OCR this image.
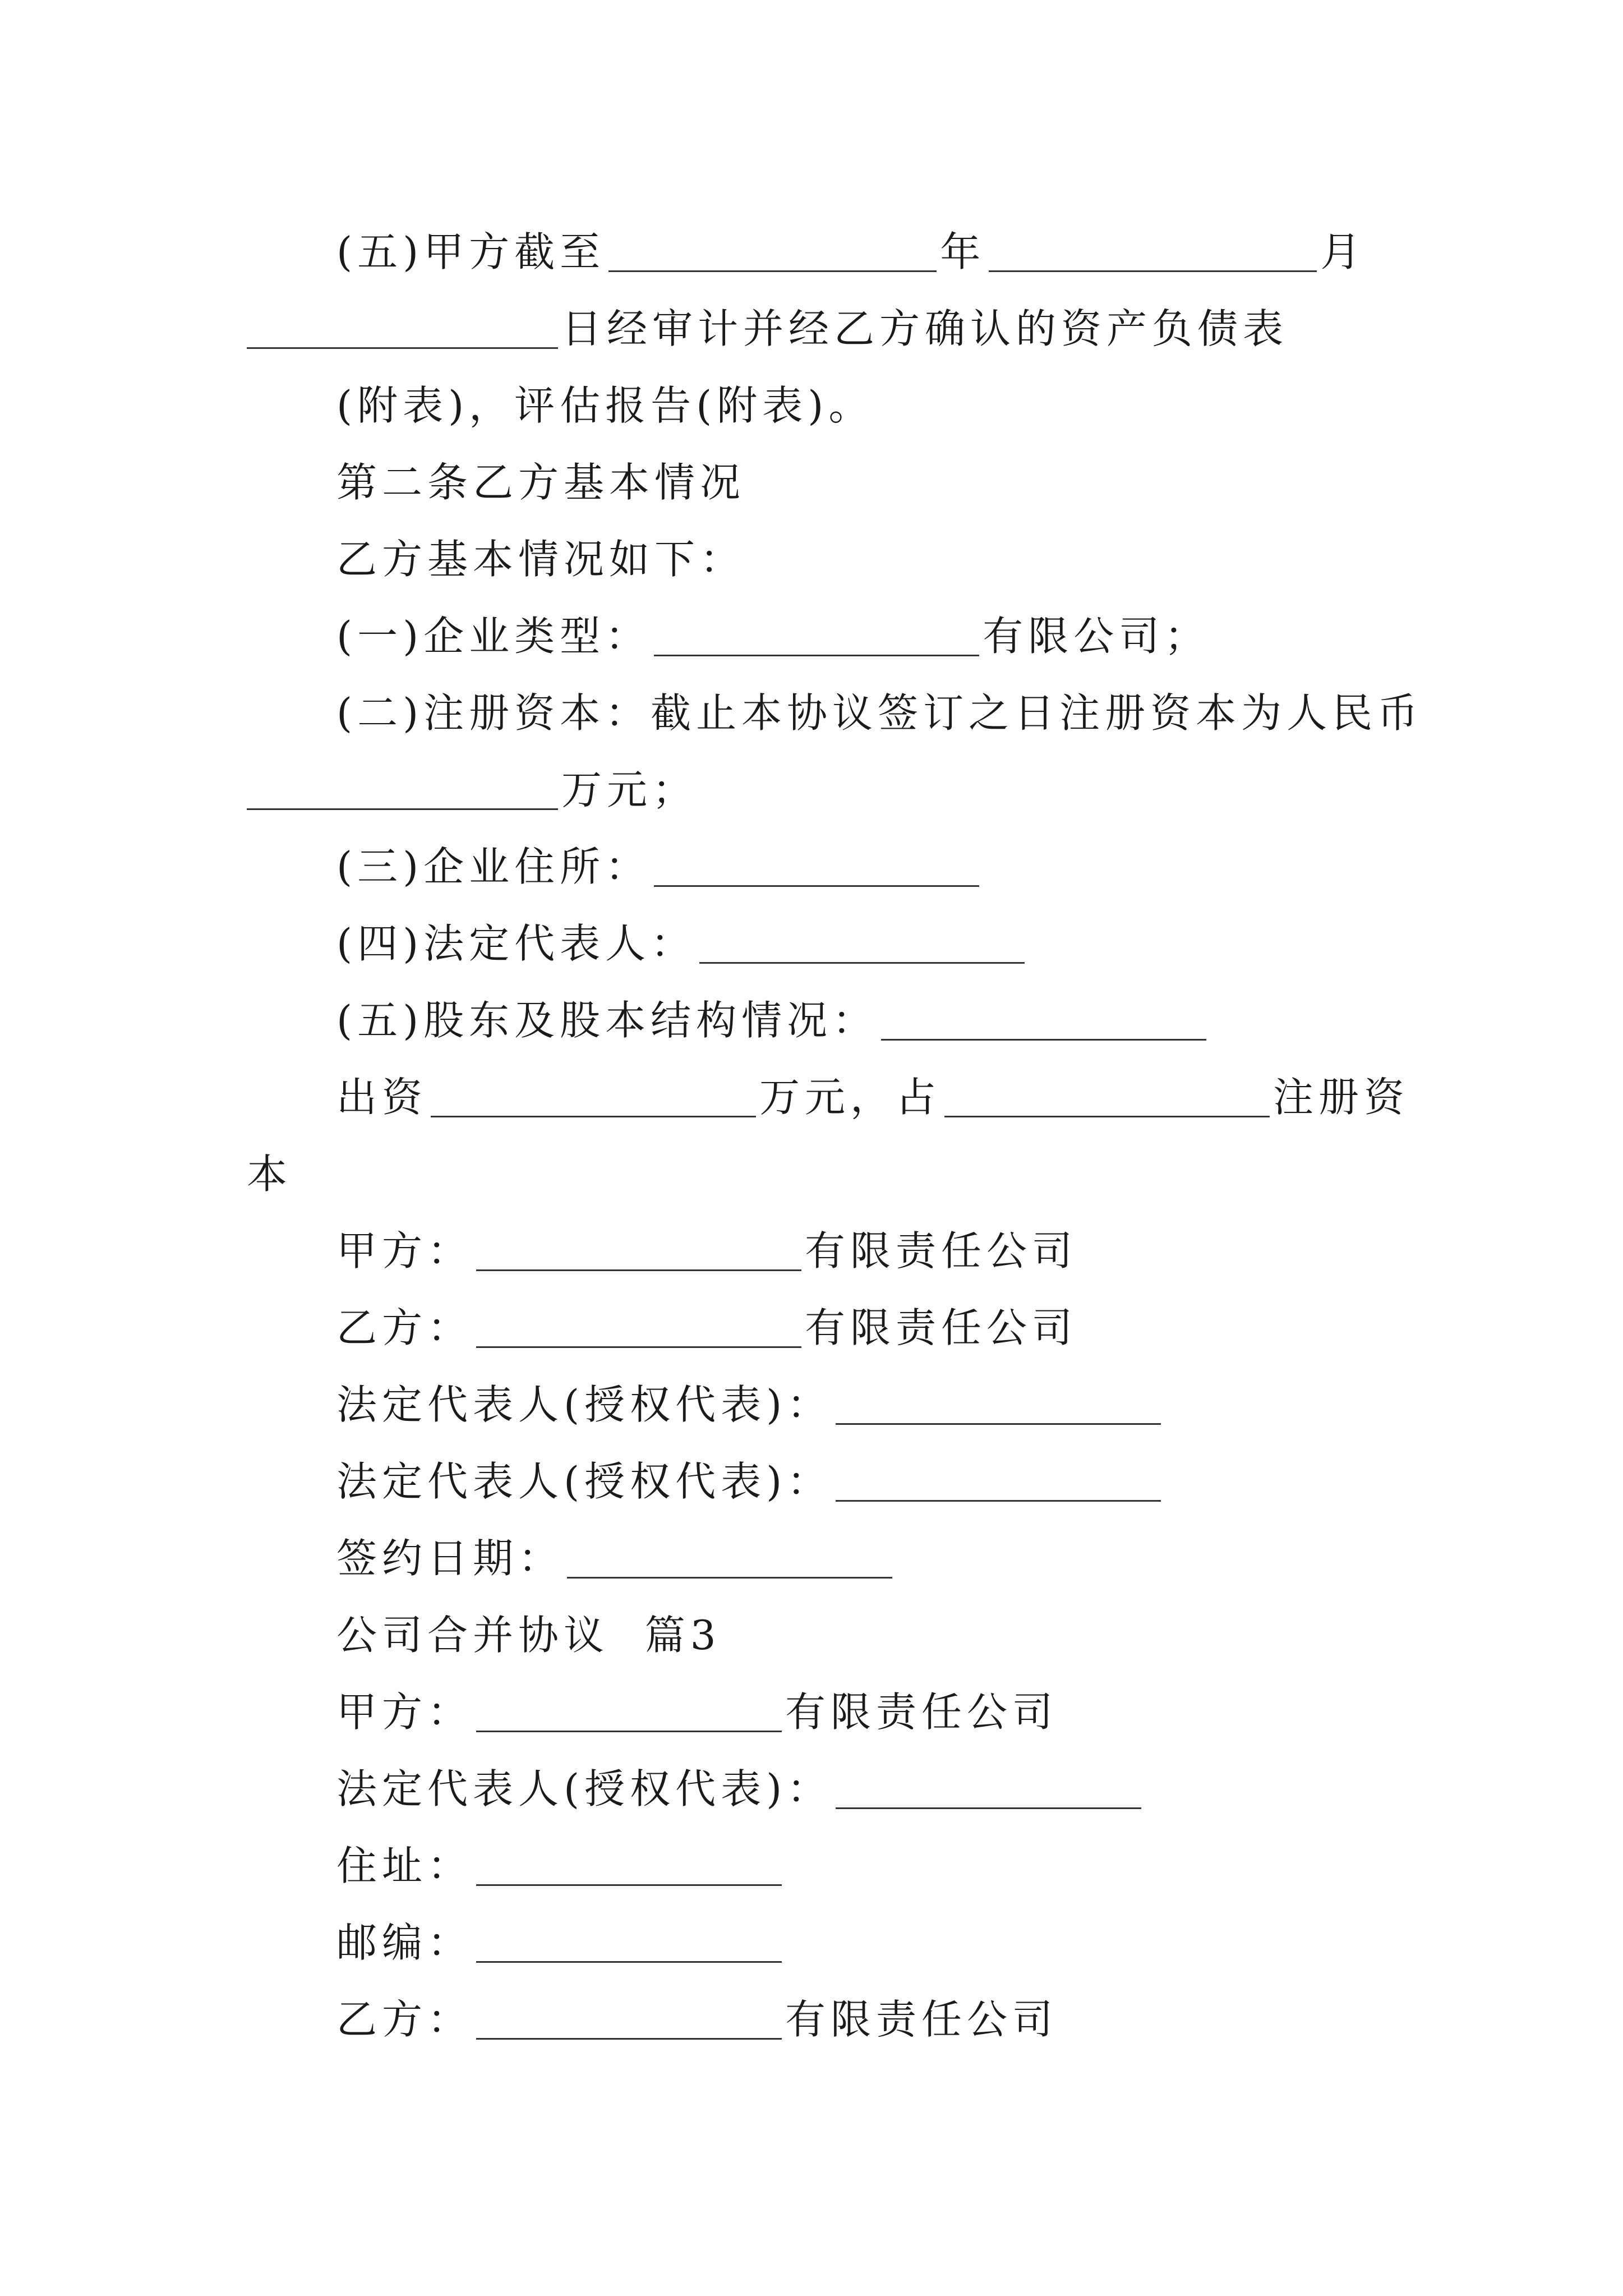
(五)甲方截至	年	月
日经审计并经乙方确认的资产负债表
(附表)，评估报告(附表)。
第二条乙方基本情况
乙方基本情况如下：
(一)企业类型：	有限公司；
(二)注册资本：截止本协议签订之日注册资本为人民币
万元；
(三)企业住所：
(四)法定代表人：
(五)股东及股本结构情况：
出资	万元，占	注册资
本
甲方：	有限责任公司
乙方：	有限责任公司
法定代表人(授权代表)：
法定代表人(授权代表)：
签约日期：
公司合并协议  篇3
甲方：	有限责任公司
法定代表人(授权代表)：
住址：
邮编：
乙方：	有限责任公司
